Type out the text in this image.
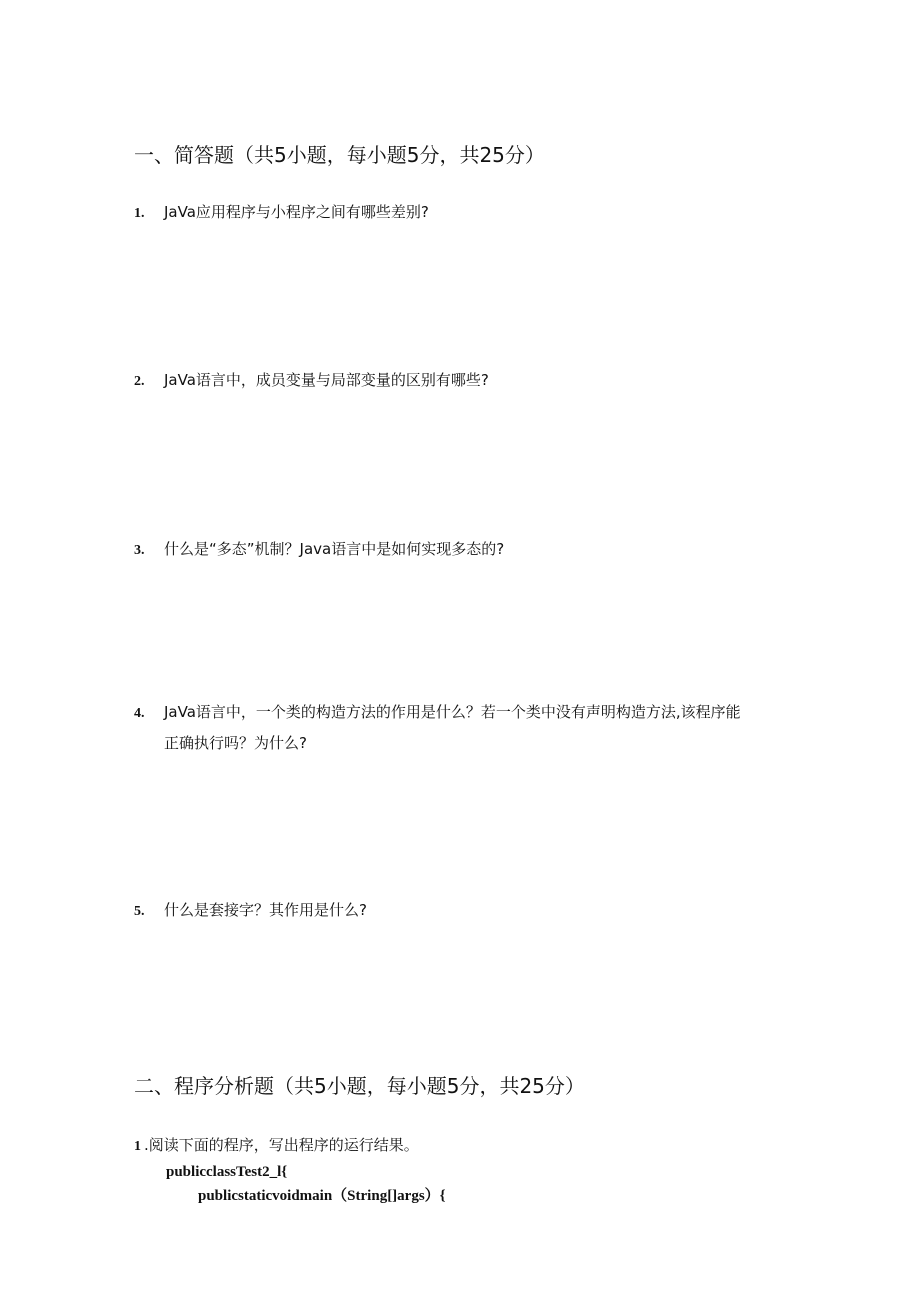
一、简答题（共5小题，每小题5分，共25分）
1. JaVa应用程序与小程序之间有哪些差别?
2. JaVa语言中，成员变量与局部变量的区别有哪些?
3. 什么是“多态”机制？Java语言中是如何实现多态的?
4. JaVa语言中，一个类的构造方法的作用是什么？若一个类中没有声明构造方法,该程序能
正确执行吗？为什么?
5. 什么是套接字？其作用是什么?
二、程序分析题（共5小题，每小题5分，共25分）
1 .阅读下面的程序，写出程序的运行结果。
publicclassTest2_l{
publicstaticvoidmain（String[]args）{
